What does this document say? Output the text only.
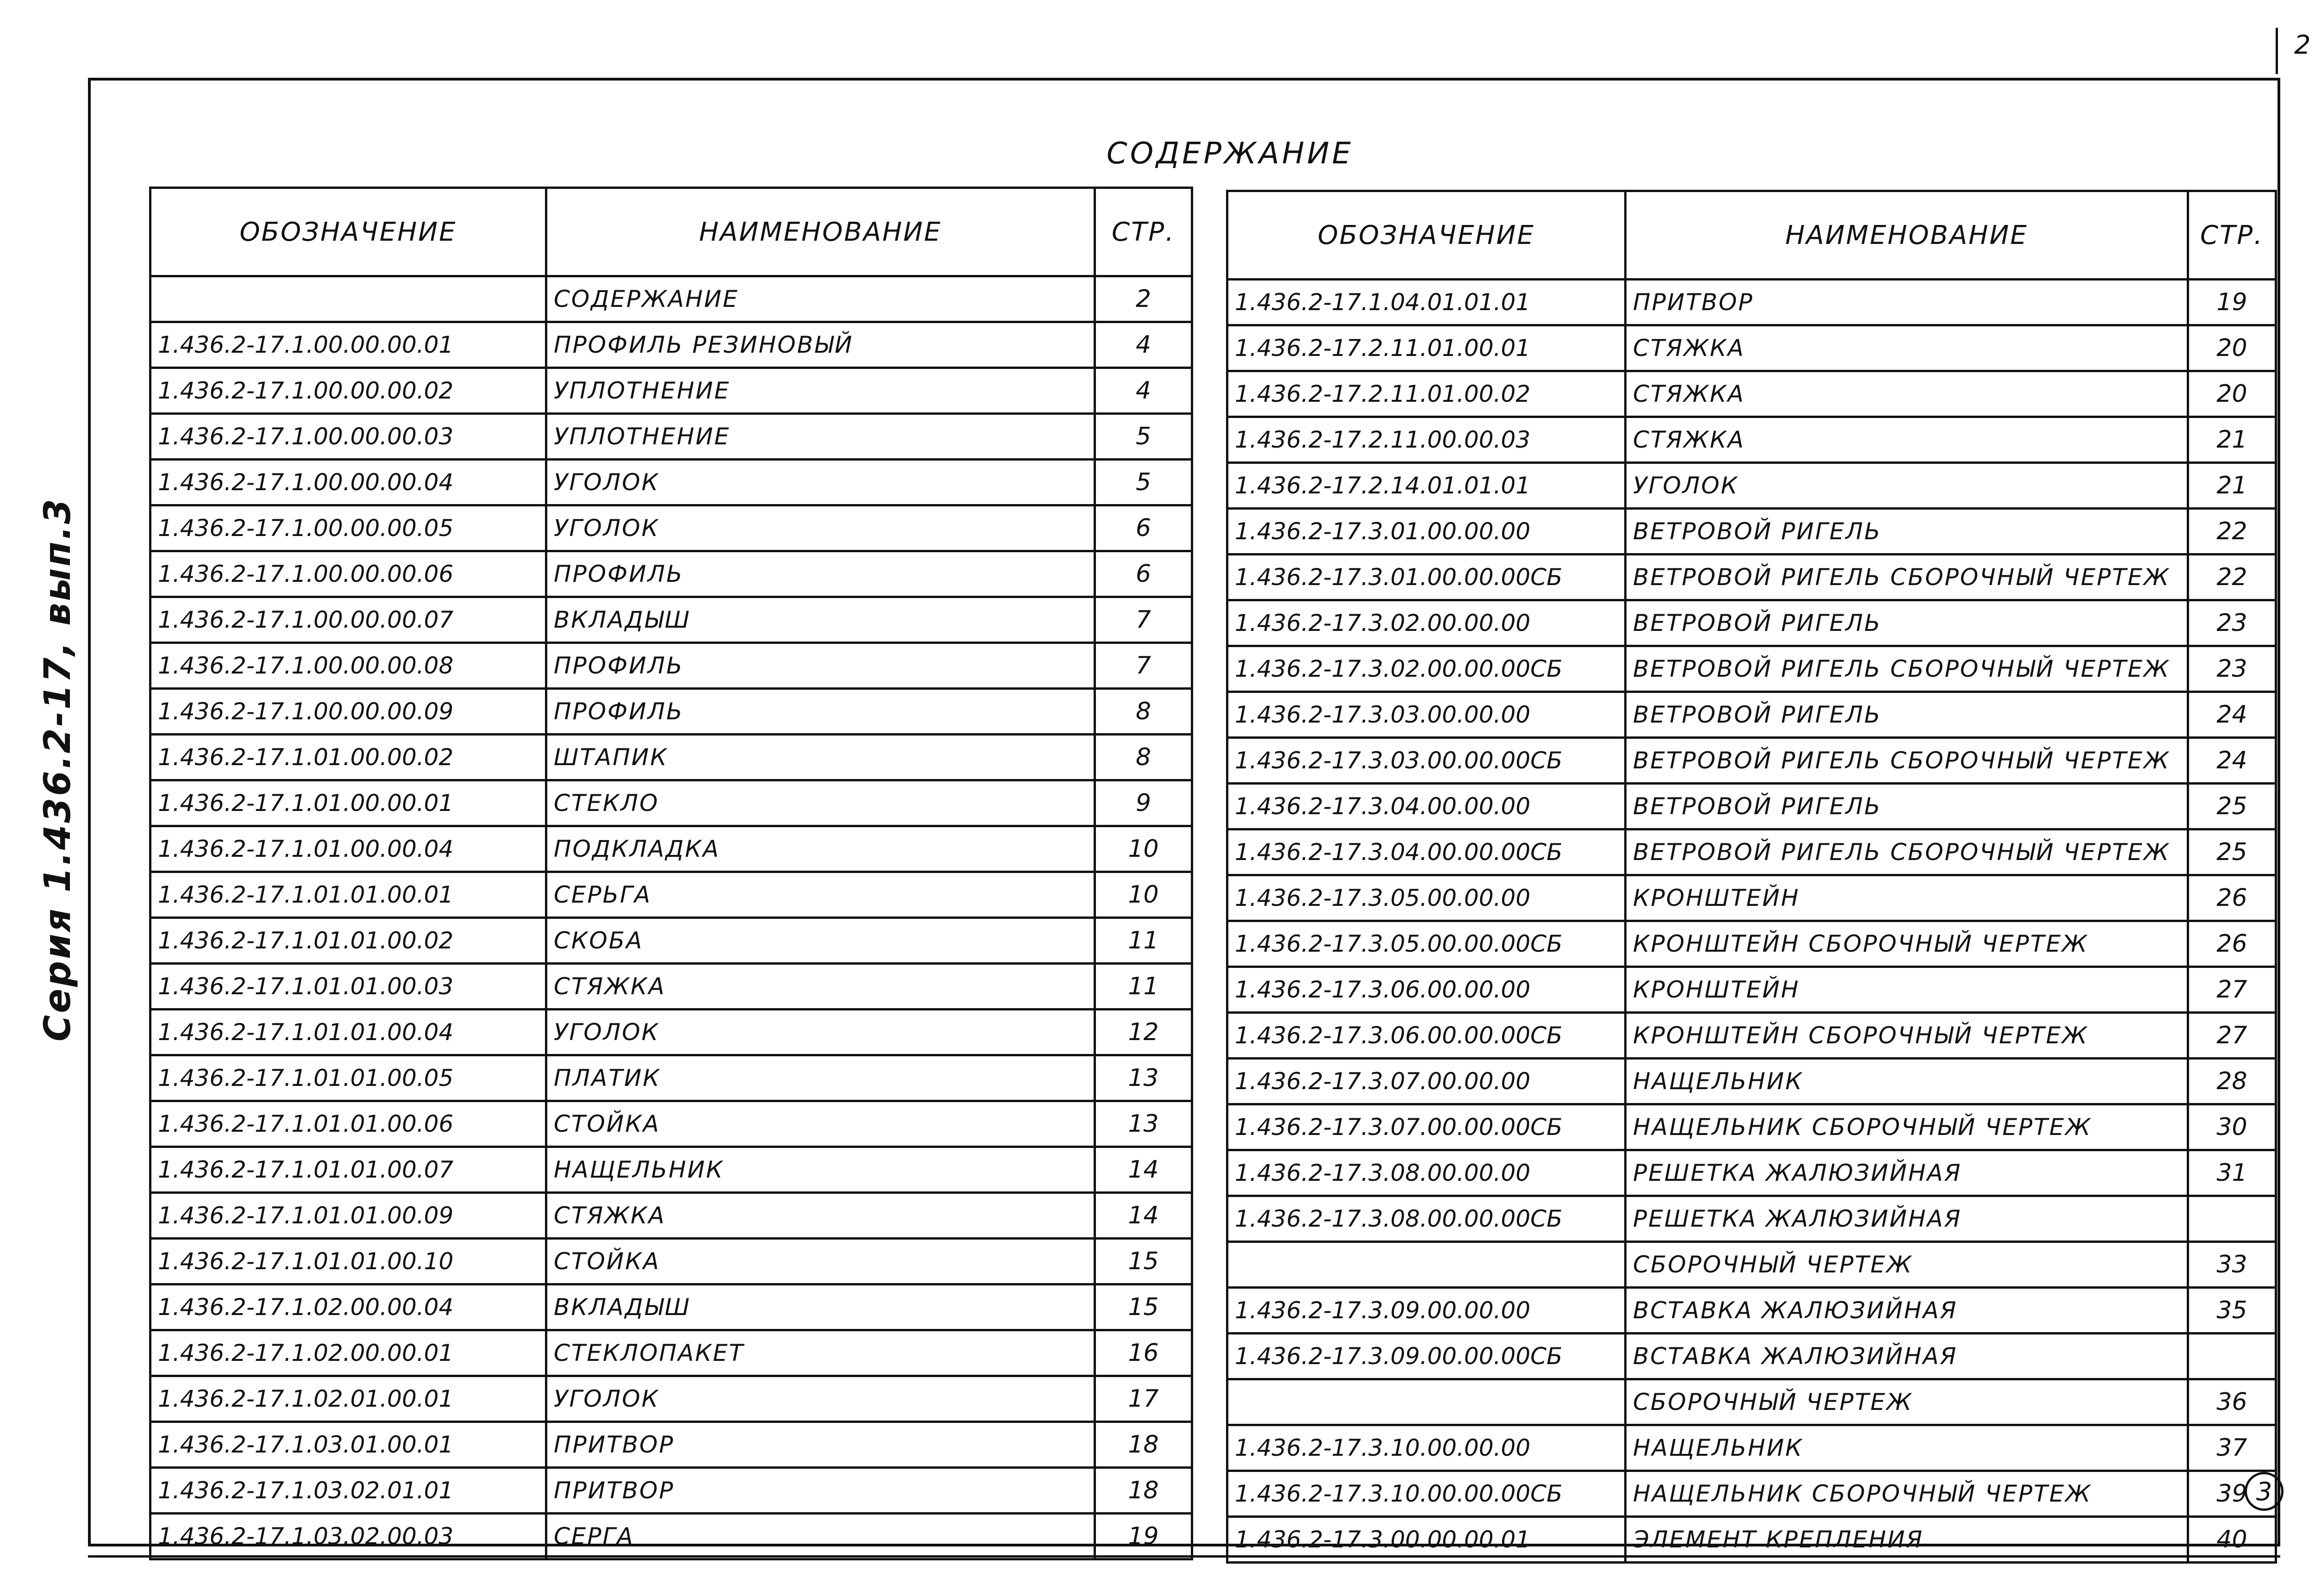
2
Серия 1.436.2-17, вып.3
СОДЕРЖАНИЕ
ОБОЗНАЧЕНИЕ	НАИМЕНОВАНИЕ	СТР.
	СОДЕРЖАНИЕ	2
1.436.2-17.1.00.00.00.01	ПРОФИЛЬ РЕЗИНОВЫЙ	4
1.436.2-17.1.00.00.00.02	УПЛОТНЕНИЕ	4
1.436.2-17.1.00.00.00.03	УПЛОТНЕНИЕ	5
1.436.2-17.1.00.00.00.04	УГОЛОК	5
1.436.2-17.1.00.00.00.05	УГОЛОК	6
1.436.2-17.1.00.00.00.06	ПРОФИЛЬ	6
1.436.2-17.1.00.00.00.07	ВКЛАДЫШ	7
1.436.2-17.1.00.00.00.08	ПРОФИЛЬ	7
1.436.2-17.1.00.00.00.09	ПРОФИЛЬ	8
1.436.2-17.1.01.00.00.02	ШТАПИК	8
1.436.2-17.1.01.00.00.01	СТЕКЛО	9
1.436.2-17.1.01.00.00.04	ПОДКЛАДКА	10
1.436.2-17.1.01.01.00.01	СЕРЬГА	10
1.436.2-17.1.01.01.00.02	СКОБА	11
1.436.2-17.1.01.01.00.03	СТЯЖКА	11
1.436.2-17.1.01.01.00.04	УГОЛОК	12
1.436.2-17.1.01.01.00.05	ПЛАТИК	13
1.436.2-17.1.01.01.00.06	СТОЙКА	13
1.436.2-17.1.01.01.00.07	НАЩЕЛЬНИК	14
1.436.2-17.1.01.01.00.09	СТЯЖКА	14
1.436.2-17.1.01.01.00.10	СТОЙКА	15
1.436.2-17.1.02.00.00.04	ВКЛАДЫШ	15
1.436.2-17.1.02.00.00.01	СТЕКЛОПАКЕТ	16
1.436.2-17.1.02.01.00.01	УГОЛОК	17
1.436.2-17.1.03.01.00.01	ПРИТВОР	18
1.436.2-17.1.03.02.01.01	ПРИТВОР	18
1.436.2-17.1.03.02.00.03	СЕРГА	19
ОБОЗНАЧЕНИЕ	НАИМЕНОВАНИЕ	СТР.
1.436.2-17.1.04.01.01.01	ПРИТВОР	19
1.436.2-17.2.11.01.00.01	СТЯЖКА	20
1.436.2-17.2.11.01.00.02	СТЯЖКА	20
1.436.2-17.2.11.00.00.03	СТЯЖКА	21
1.436.2-17.2.14.01.01.01	УГОЛОК	21
1.436.2-17.3.01.00.00.00	ВЕТРОВОЙ РИГЕЛЬ	22
1.436.2-17.3.01.00.00.00СБ	ВЕТРОВОЙ РИГЕЛЬ СБОРОЧНЫЙ ЧЕРТЕЖ	22
1.436.2-17.3.02.00.00.00	ВЕТРОВОЙ РИГЕЛЬ	23
1.436.2-17.3.02.00.00.00СБ	ВЕТРОВОЙ РИГЕЛЬ СБОРОЧНЫЙ ЧЕРТЕЖ	23
1.436.2-17.3.03.00.00.00	ВЕТРОВОЙ РИГЕЛЬ	24
1.436.2-17.3.03.00.00.00СБ	ВЕТРОВОЙ РИГЕЛЬ СБОРОЧНЫЙ ЧЕРТЕЖ	24
1.436.2-17.3.04.00.00.00	ВЕТРОВОЙ РИГЕЛЬ	25
1.436.2-17.3.04.00.00.00СБ	ВЕТРОВОЙ РИГЕЛЬ СБОРОЧНЫЙ ЧЕРТЕЖ	25
1.436.2-17.3.05.00.00.00	КРОНШТЕЙН	26
1.436.2-17.3.05.00.00.00СБ	КРОНШТЕЙН СБОРОЧНЫЙ ЧЕРТЕЖ	26
1.436.2-17.3.06.00.00.00	КРОНШТЕЙН	27
1.436.2-17.3.06.00.00.00СБ	КРОНШТЕЙН СБОРОЧНЫЙ ЧЕРТЕЖ	27
1.436.2-17.3.07.00.00.00	НАЩЕЛЬНИК	28
1.436.2-17.3.07.00.00.00СБ	НАЩЕЛЬНИК СБОРОЧНЫЙ ЧЕРТЕЖ	30
1.436.2-17.3.08.00.00.00	РЕШЕТКА ЖАЛЮЗИЙНАЯ	31
1.436.2-17.3.08.00.00.00СБ	РЕШЕТКА ЖАЛЮЗИЙНАЯ	
	СБОРОЧНЫЙ ЧЕРТЕЖ	33
1.436.2-17.3.09.00.00.00	ВСТАВКА ЖАЛЮЗИЙНАЯ	35
1.436.2-17.3.09.00.00.00СБ	ВСТАВКА ЖАЛЮЗИЙНАЯ	
	СБОРОЧНЫЙ ЧЕРТЕЖ	36
1.436.2-17.3.10.00.00.00	НАЩЕЛЬНИК	37
1.436.2-17.3.10.00.00.00СБ	НАЩЕЛЬНИК СБОРОЧНЫЙ ЧЕРТЕЖ	39
1.436.2-17.3.00.00.00.01	ЭЛЕМЕНТ КРЕПЛЕНИЯ	40
3
